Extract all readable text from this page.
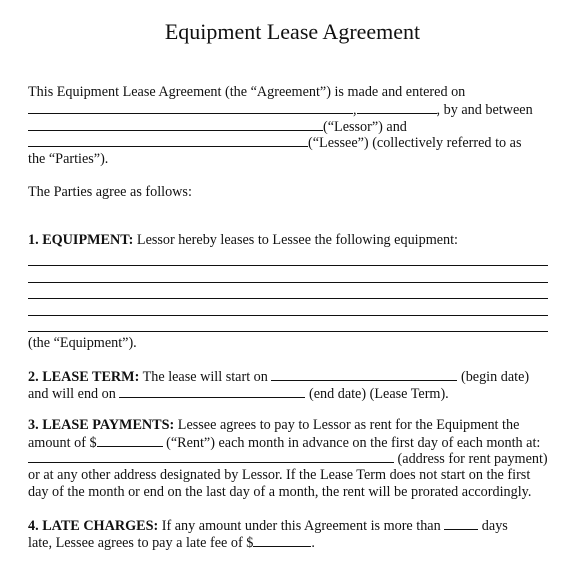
Equipment Lease Agreement
This Equipment Lease Agreement (the “Agreement”) is made and entered on
,	, by and between
(“Lessor”) and
(“Lessee”) (collectively referred to as
the “Parties”).
The Parties agree as follows:
1. EQUIPMENT: Lessor hereby leases to Lessee the following equipment:
(the “Equipment”).
2. LEASE TERM: The lease will start on	(begin date)
and will end on	(end date) (Lease Term).
3. LEASE PAYMENTS: Lessee agrees to pay to Lessor as rent for the Equipment the
amount of $	(“Rent”) each month in advance on the first day of each month at:
(address for rent payment)
or at any other address designated by Lessor. If the Lease Term does not start on the first
day of the month or end on the last day of a month, the rent will be prorated accordingly.
4. LATE CHARGES: If any amount under this Agreement is more than  days
late, Lessee agrees to pay a late fee of $	.
